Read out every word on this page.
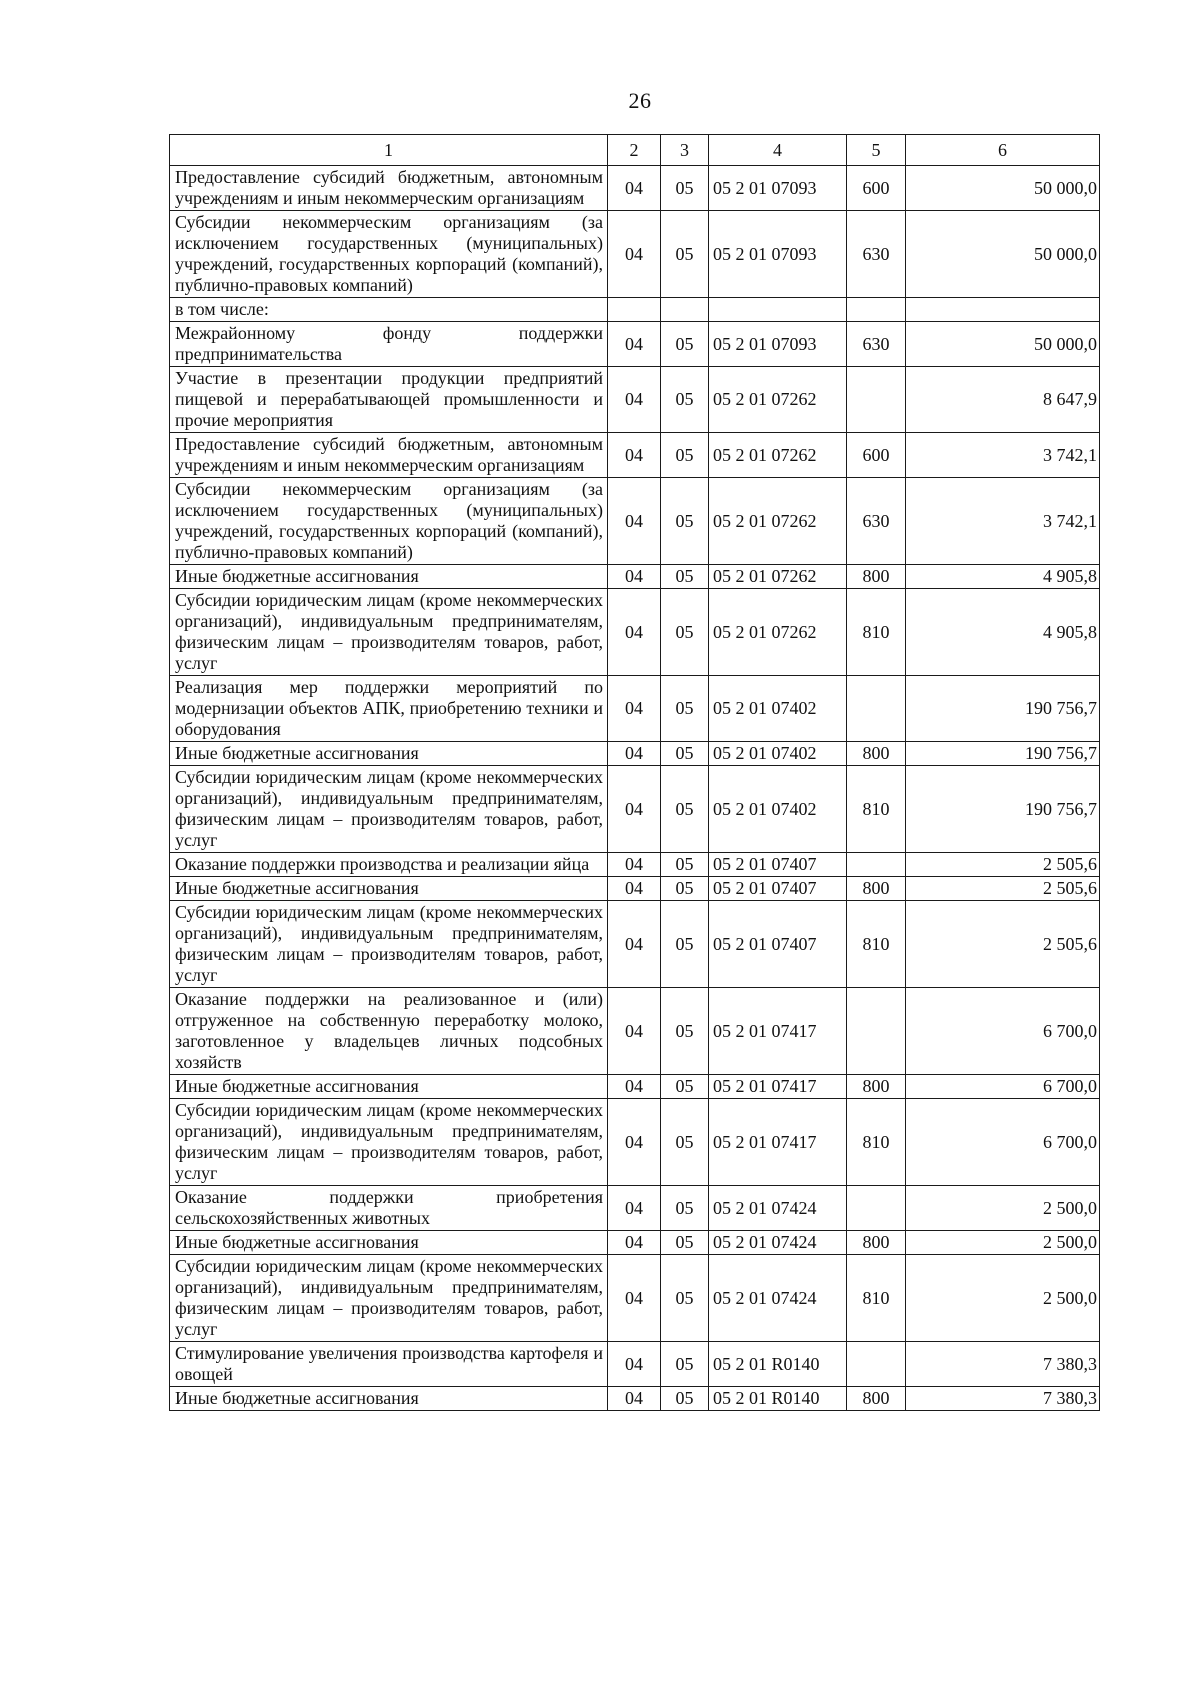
26
1	2	3	4	5	6
Предоставление субсидий бюджетным, автономным учреждениям и иным некоммерческим организациям	04	05	05 2 01 07093	600	50 000,0
Субсидии некоммерческим организациям (за исключением государственных (муниципальных) учреждений, государственных корпораций (компаний), публично-правовых компаний)	04	05	05 2 01 07093	630	50 000,0
в том числе:					
Межрайонному фонду поддержки предпринимательства	04	05	05 2 01 07093	630	50 000,0
Участие в презентации продукции предприятий пищевой и перерабатывающей промышленности и прочие мероприятия	04	05	05 2 01 07262		8 647,9
Предоставление субсидий бюджетным, автономным учреждениям и иным некоммерческим организациям	04	05	05 2 01 07262	600	3 742,1
Субсидии некоммерческим организациям (за исключением государственных (муниципальных) учреждений, государственных корпораций (компаний), публично-правовых компаний)	04	05	05 2 01 07262	630	3 742,1
Иные бюджетные ассигнования	04	05	05 2 01 07262	800	4 905,8
Субсидии юридическим лицам (кроме некоммерческих организаций), индивидуальным предпринимателям, физическим лицам – производителям товаров, работ, услуг	04	05	05 2 01 07262	810	4 905,8
Реализация мер поддержки мероприятий по модернизации объектов АПК, приобретению техники и оборудования	04	05	05 2 01 07402		190 756,7
Иные бюджетные ассигнования	04	05	05 2 01 07402	800	190 756,7
Субсидии юридическим лицам (кроме некоммерческих организаций), индивидуальным предпринимателям, физическим лицам – производителям товаров, работ, услуг	04	05	05 2 01 07402	810	190 756,7
Оказание поддержки производства и реализации яйца	04	05	05 2 01 07407		2 505,6
Иные бюджетные ассигнования	04	05	05 2 01 07407	800	2 505,6
Субсидии юридическим лицам (кроме некоммерческих организаций), индивидуальным предпринимателям, физическим лицам – производителям товаров, работ, услуг	04	05	05 2 01 07407	810	2 505,6
Оказание поддержки на реализованное и (или) отгруженное на собственную переработку молоко, заготовленное у владельцев личных подсобных хозяйств	04	05	05 2 01 07417		6 700,0
Иные бюджетные ассигнования	04	05	05 2 01 07417	800	6 700,0
Субсидии юридическим лицам (кроме некоммерческих организаций), индивидуальным предпринимателям, физическим лицам – производителям товаров, работ, услуг	04	05	05 2 01 07417	810	6 700,0
Оказание поддержки приобретения сельскохозяйственных животных	04	05	05 2 01 07424		2 500,0
Иные бюджетные ассигнования	04	05	05 2 01 07424	800	2 500,0
Субсидии юридическим лицам (кроме некоммерческих организаций), индивидуальным предпринимателям, физическим лицам – производителям товаров, работ, услуг	04	05	05 2 01 07424	810	2 500,0
Стимулирование увеличения производства картофеля и овощей	04	05	05 2 01 R0140		7 380,3
Иные бюджетные ассигнования	04	05	05 2 01 R0140	800	7 380,3
